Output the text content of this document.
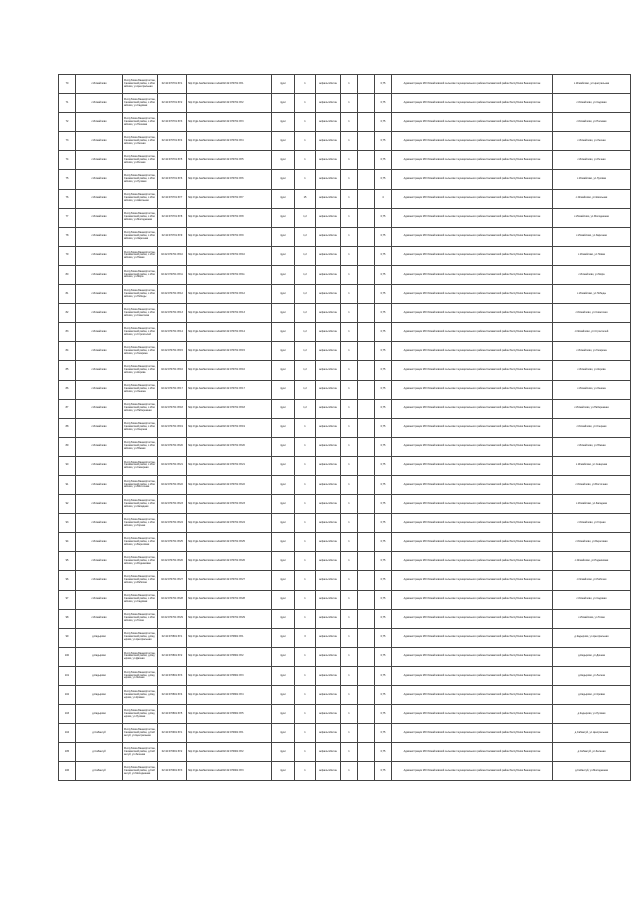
70	с.Исмайлово	Республика Башкортостан, Салаватский район, с.Исмайлово, ул.Центральная	02:42:070701:ЗУ1	http://rgis.bashkortostan.ru/kad/02:42:070701:ЗУ1	грунт	1	асфальтобетон	1		0,75	Администрация МО Исмайловский сельсовет муниципального района Салаватский район Республики Башкортостан	с.Исмайлово, ул.Центральная
71	с.Исмайлово	Республика Башкортостан, Салаватский район, с.Исмайлово, ул.Садовая	02:42:070701:ЗУ2	http://rgis.bashkortostan.ru/kad/02:42:070701:ЗУ2	грунт	1	асфальтобетон	1		0,75	Администрация МО Исмайловский сельсовет муниципального района Салаватский район Республики Башкортостан	с.Исмайлово, ул.Садовая
72	с.Исмайлово	Республика Башкортостан, Салаватский район, с.Исмайлово, ул.Полевая	02:42:070701:ЗУ3	http://rgis.bashkortostan.ru/kad/02:42:070701:ЗУ3	грунт	1	асфальтобетон	1		0,75	Администрация МО Исмайловский сельсовет муниципального района Салаватский район Республики Башкортостан	с.Исмайлово, ул.Полевая
73	с.Исмайлово	Республика Башкортостан, Салаватский район, с.Исмайлово, ул.Лесная	02:42:070701:ЗУ4	http://rgis.bashkortostan.ru/kad/02:42:070701:ЗУ4	грунт	1	асфальтобетон	1		0,75	Администрация МО Исмайловский сельсовет муниципального района Салаватский район Республики Башкортостан	с.Исмайлово, ул.Лесная
74	с.Исмайлово	Республика Башкортостан, Салаватский район, с.Исмайлово, ул.Речная	02:42:070701:ЗУ5	http://rgis.bashkortostan.ru/kad/02:42:070701:ЗУ5	грунт	1	асфальтобетон	1		0,75	Администрация МО Исмайловский сельсовет муниципального района Салаватский район Республики Башкортостан	с.Исмайлово, ул.Речная
75	с.Исмайлово	Республика Башкортостан, Салаватский район, с.Исмайлово, ул.Луговая	02:42:070701:ЗУ6	http://rgis.bashkortostan.ru/kad/02:42:070701:ЗУ6	грунт	1	асфальтобетон	1		0,75	Администрация МО Исмайловский сельсовет муниципального района Салаватский район Республики Башкортостан	с.Исмайлово, ул.Луговая
76	с.Исмайлово	Республика Башкортостан, Салаватский район, с.Исмайлово, ул.Школьная	02:42:070701:ЗУ7	http://rgis.bashkortostan.ru/kad/02:42:070701:ЗУ7	грунт	15	асфальтобетон	1		4	Администрация МО Исмайловский сельсовет муниципального района Салаватский район Республики Башкортостан	с.Исмайлово, ул.Школьная
77	с.Исмайлово	Республика Башкортостан, Салаватский район, с.Исмайлово, ул.Молодежная	02:42:070701:ЗУ8	http://rgis.bashkortostan.ru/kad/02:42:070701:ЗУ8	грунт	1,2	асфальтобетон	1		0,75	Администрация МО Исмайловский сельсовет муниципального района Салаватский район Республики Башкортостан	с.Исмайлово, ул.Молодежная
78	с.Исмайлово	Республика Башкортостан, Салаватский район, с.Исмайлово, ул.Заречная	02:42:070701:ЗУ9	http://rgis.bashkortostan.ru/kad/02:42:070701:ЗУ9	грунт	1,2	асфальтобетон	1		0,75	Администрация МО Исмайловский сельсовет муниципального района Салаватский район Республики Башкортостан	с.Исмайлово, ул.Заречная
79	с.Исмайлово	Республика Башкортостан, Салаватский район, с.Исмайлово, ул.Новая	02:42:070701:ЗУ10	http://rgis.bashkortostan.ru/kad/02:42:070701:ЗУ10	грунт	1,2	асфальтобетон	1		0,75	Администрация МО Исмайловский сельсовет муниципального района Салаватский район Республики Башкортостан	с.Исмайлово, ул.Новая
80	с.Исмайлово	Республика Башкортостан, Салаватский район, с.Исмайлово, ул.Мира	02:42:070701:ЗУ11	http://rgis.bashkortostan.ru/kad/02:42:070701:ЗУ11	грунт	1,2	асфальтобетон	1		0,75	Администрация МО Исмайловский сельсовет муниципального района Салаватский район Республики Башкортостан	с.Исмайлово, ул.Мира
81	с.Исмайлово	Республика Башкортостан, Салаватский район, с.Исмайлово, ул.Победы	02:42:070701:ЗУ12	http://rgis.bashkortostan.ru/kad/02:42:070701:ЗУ12	грунт	1,2	асфальтобетон	1		0,75	Администрация МО Исмайловский сельсовет муниципального района Салаватский район Республики Башкортостан	с.Исмайлово, ул.Победы
82	с.Исмайлово	Республика Башкортостан, Салаватский район, с.Исмайлово, ул.Советская	02:42:070701:ЗУ13	http://rgis.bashkortostan.ru/kad/02:42:070701:ЗУ13	грунт	1,2	асфальтобетон	1		0,75	Администрация МО Исмайловский сельсовет муниципального района Салаватский район Республики Башкортостан	с.Исмайлово, ул.Советская
83	с.Исмайлово	Республика Башкортостан, Салаватский район, с.Исмайлово, ул.Строителей	02:42:070701:ЗУ14	http://rgis.bashkortostan.ru/kad/02:42:070701:ЗУ14	грунт	1,2	асфальтобетон	1		0,75	Администрация МО Исмайловский сельсовет муниципального района Салаватский район Республики Башкортостан	с.Исмайлово, ул.Строителей
84	с.Исмайлово	Республика Башкортостан, Салаватский район, с.Исмайлово, ул.Гагарина	02:42:070701:ЗУ15	http://rgis.bashkortostan.ru/kad/02:42:070701:ЗУ15	грунт	1,2	асфальтобетон	1		0,75	Администрация МО Исмайловский сельсовет муниципального района Салаватский район Республики Башкортостан	с.Исмайлово, ул.Гагарина
85	с.Исмайлово	Республика Башкортостан, Салаватский район, с.Исмайлово, ул.Кирова	02:42:070701:ЗУ16	http://rgis.bashkortostan.ru/kad/02:42:070701:ЗУ16	грунт	1,2	асфальтобетон	1		0,75	Администрация МО Исмайловский сельсовет муниципального района Салаватский район Республики Башкортостан	с.Исмайлово, ул.Кирова
86	с.Исмайлово	Республика Башкортостан, Салаватский район, с.Исмайлово, ул.Ленина	02:42:070701:ЗУ17	http://rgis.bashkortostan.ru/kad/02:42:070701:ЗУ17	грунт	1,2	асфальтобетон	1		0,75	Администрация МО Исмайловский сельсовет муниципального района Салаватский район Республики Башкортостан	с.Исмайлово, ул.Ленина
87	с.Исмайлово	Республика Башкортостан, Салаватский район, с.Исмайлово, ул.Набережная	02:42:070701:ЗУ18	http://rgis.bashkortostan.ru/kad/02:42:070701:ЗУ18	грунт	1,2	асфальтобетон	1		0,75	Администрация МО Исмайловский сельсовет муниципального района Салаватский район Республики Башкортостан	с.Исмайлово, ул.Набережная
88	с.Исмайлово	Республика Башкортостан, Салаватский район, с.Исмайлово, ул.Озерная	02:42:070701:ЗУ19	http://rgis.bashkortostan.ru/kad/02:42:070701:ЗУ19	грунт	1	асфальтобетон	1		0,75	Администрация МО Исмайловский сельсовет муниципального района Салаватский район Республики Башкортостан	с.Исмайлово, ул.Озерная
89	с.Исмайлово	Республика Башкортостан, Салаватский район, с.Исмайлово, ул.Южная	02:42:070701:ЗУ20	http://rgis.bashkortostan.ru/kad/02:42:070701:ЗУ20	грунт	1	асфальтобетон	1		0,75	Администрация МО Исмайловский сельсовет муниципального района Салаватский район Республики Башкортостан	с.Исмайлово, ул.Южная
90	с.Исмайлово	Республика Башкортостан, Салаватский район, с.Исмайлово, ул.Северная	02:42:070701:ЗУ21	http://rgis.bashkortostan.ru/kad/02:42:070701:ЗУ21	грунт	1	асфальтобетон	1		0,75	Администрация МО Исмайловский сельсовет муниципального района Салаватский район Республики Башкортостан	с.Исмайлово, ул.Северная
91	с.Исмайлово	Республика Башкортостан, Салаватский район, с.Исмайлово, ул.Восточная	02:42:070701:ЗУ22	http://rgis.bashkortostan.ru/kad/02:42:070701:ЗУ22	грунт	1	асфальтобетон	1		0,75	Администрация МО Исмайловский сельсовет муниципального района Салаватский район Республики Башкортостан	с.Исмайлово, ул.Восточная
92	с.Исмайлово	Республика Башкортостан, Салаватский район, с.Исмайлово, ул.Западная	02:42:070701:ЗУ23	http://rgis.bashkortostan.ru/kad/02:42:070701:ЗУ23	грунт	1	асфальтобетон	1		0,75	Администрация МО Исмайловский сельсовет муниципального района Салаватский район Республики Башкортостан	с.Исмайлово, ул.Западная
93	с.Исмайлово	Республика Башкортостан, Салаватский район, с.Исмайлово, ул.Горная	02:42:070701:ЗУ24	http://rgis.bashkortostan.ru/kad/02:42:070701:ЗУ24	грунт	1	асфальтобетон	1		0,75	Администрация МО Исмайловский сельсовет муниципального района Салаватский район Республики Башкортостан	с.Исмайлово, ул.Горная
94	с.Исмайлово	Республика Башкортостан, Салаватский район, с.Исмайлово, ул.Береговая	02:42:070701:ЗУ25	http://rgis.bashkortostan.ru/kad/02:42:070701:ЗУ25	грунт	1	асфальтобетон	1		0,75	Администрация МО Исмайловский сельсовет муниципального района Салаватский район Республики Башкортостан	с.Исмайлово, ул.Береговая
95	с.Исмайлово	Республика Башкортостан, Салаватский район, с.Исмайлово, ул.Родниковая	02:42:070701:ЗУ26	http://rgis.bashkortostan.ru/kad/02:42:070701:ЗУ26	грунт	1	асфальтобетон	1		0,75	Администрация МО Исмайловский сельсовет муниципального района Салаватский район Республики Башкортостан	с.Исмайлово, ул.Родниковая
96	с.Исмайлово	Республика Башкортостан, Салаватский район, с.Исмайлово, ул.Рабочая	02:42:070701:ЗУ27	http://rgis.bashkortostan.ru/kad/02:42:070701:ЗУ27	грунт	1	асфальтобетон	1		0,75	Администрация МО Исмайловский сельсовет муниципального района Салаватский район Республики Башкортостан	с.Исмайлово, ул.Рабочая
97	с.Исмайлово	Республика Башкортостан, Салаватский район, с.Исмайлово, ул.Садовая	02:42:070701:ЗУ28	http://rgis.bashkortostan.ru/kad/02:42:070701:ЗУ28	грунт	1	асфальтобетон	1		0,75	Администрация МО Исмайловский сельсовет муниципального района Салаватский район Республики Башкортостан	с.Исмайлово, ул.Садовая
98	с.Исмайлово	Республика Башкортостан, Салаватский район, с.Исмайлово, ул.Тихая	02:42:070701:ЗУ29	http://rgis.bashkortostan.ru/kad/02:42:070701:ЗУ29	грунт	1	асфальтобетон	1		0,75	Администрация МО Исмайловский сельсовет муниципального района Салаватский район Республики Башкортостан	с.Исмайлово, ул.Тихая
99	д.Кадырово	Республика Башкортостан, Салаватский район, д.Кадырово, ул.Центральная	02:42:070801:ЗУ1	http://rgis.bashkortostan.ru/kad/02:42:070801:ЗУ1	грунт	3	асфальтобетон	1		0,75	Администрация МО Исмайловский сельсовет муниципального района Салаватский район Республики Башкортостан	д.Кадырово, ул.Центральная
100	д.Кадырово	Республика Башкортостан, Салаватский район, д.Кадырово, ул.Дачная	02:42:070801:ЗУ2	http://rgis.bashkortostan.ru/kad/02:42:070801:ЗУ2	грунт	1	асфальтобетон	1		0,75	Администрация МО Исмайловский сельсовет муниципального района Салаватский район Республики Башкортостан	д.Кадырово, ул.Дачная
101	д.Кадырово	Республика Башкортостан, Салаватский район, д.Кадырово, ул.Лесная	02:42:070801:ЗУ3	http://rgis.bashkortostan.ru/kad/02:42:070801:ЗУ3	грунт	1	асфальтобетон	1		0,75	Администрация МО Исмайловский сельсовет муниципального района Салаватский район Республики Башкортостан	д.Кадырово, ул.Лесная
102	д.Кадырово	Республика Башкортостан, Салаватский район, д.Кадырово, ул.Кривая	02:42:070801:ЗУ4	http://rgis.bashkortostan.ru/kad/02:42:070801:ЗУ4	грунт	1	асфальтобетон	1		0,75	Администрация МО Исмайловский сельсовет муниципального района Салаватский район Республики Башкортостан	д.Кадырово, ул.Кривая
103	д.Кадырово	Республика Башкортостан, Салаватский район, д.Кадырово, ул.Луговая	02:42:070801:ЗУ5	http://rgis.bashkortostan.ru/kad/02:42:070801:ЗУ5	грунт	1	асфальтобетон	1		0,75	Администрация МО Исмайловский сельсовет муниципального района Салаватский район Республики Башкортостан	д.Кадырово, ул.Луговая
104	д.Сабантуй	Республика Башкортостан, Салаватский район, д.Сабантуй, ул.Центральная	02:42:070901:ЗУ1	http://rgis.bashkortostan.ru/kad/02:42:070901:ЗУ1	грунт	1	асфальтобетон	1		0,75	Администрация МО Исмайловский сельсовет муниципального района Салаватский район Республики Башкортостан	д.Сабантуй, ул.Центральная
105	д.Сабантуй	Республика Башкортостан, Салаватский район, д.Сабантуй, ул.Зеленая	02:42:070901:ЗУ2	http://rgis.bashkortostan.ru/kad/02:42:070901:ЗУ2	грунт	1	асфальтобетон	1		0,75	Администрация МО Исмайловский сельсовет муниципального района Салаватский район Республики Башкортостан	д.Сабантуй, ул.Зеленая
106	д.Сабантуй	Республика Башкортостан, Салаватский район, д.Сабантуй, ул.Молодежная	02:42:070901:ЗУ3	http://rgis.bashkortostan.ru/kad/02:42:070901:ЗУ3	грунт	1	асфальтобетон	1		0,75	Администрация МО Исмайловский сельсовет муниципального района Салаватский район Республики Башкортостан	д.Сабантуй, ул.Молодежная
